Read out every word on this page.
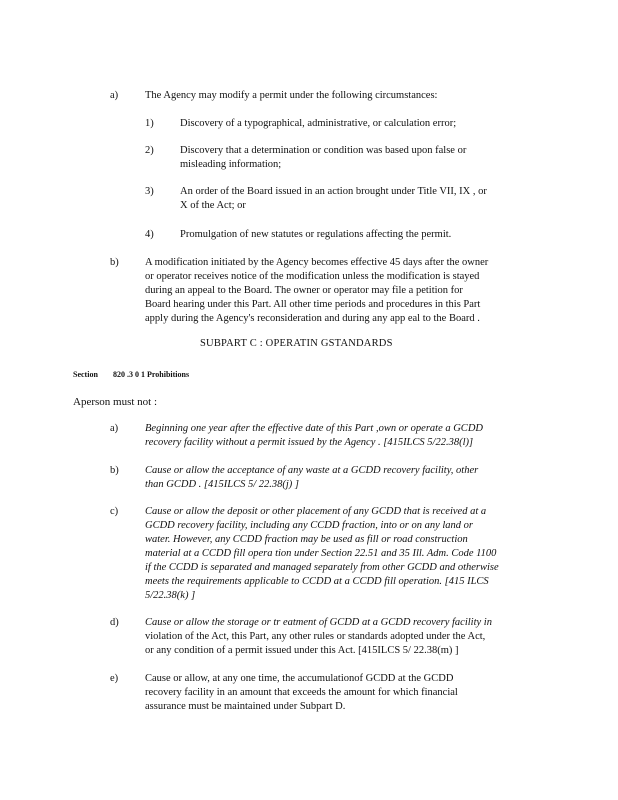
a)	The Agency may modify a permit under the following circumstances:
1)	Discovery of a typographical, administrative, or calculation error;
2)	Discovery that a determination or condition was based upon false or
misleading information;
3)	An order of the Board issued in an action brought under Title VII, IX , or
X of the Act; or
4)	Promulgation of new statutes or regulations affecting the permit.
b)	A modification initiated by the Agency becomes effective 45 days after the owner
or operator receives notice of the modification unless the modification is stayed
during an appeal to the Board. The owner or operator may file a petition for
Board hearing under this Part. All other time periods and procedures in this Part
apply during the Agency's reconsideration and during any app eal to the Board .
SUBPART C : OPERATIN GSTANDARDS
Section 820 .3 0 1 Prohibitions
Aperson must not :
a)	Beginning one year after the effective date of this Part ,own or operate a GCDD
recovery facility without a permit issued by the Agency . [415ILCS 5/22.38(l)]
b)	Cause or allow the acceptance of any waste at a GCDD recovery facility, other
than GCDD . [415ILCS 5/ 22.38(j) ]
c)	Cause or allow the deposit or other placement of any GCDD that is received at a
GCDD recovery facility, including any CCDD fraction, into or on any land or
water. However, any CCDD fraction may be used as fill or road construction
material at a CCDD fill opera tion under Section 22.51 and 35 Ill. Adm. Code 1100
if the CCDD is separated and managed separately from other GCDD and otherwise
meets the requirements applicable to CCDD at a CCDD fill operation. [415 ILCS
5/22.38(k) ]
d)	Cause or allow the storage or tr eatment of GCDD at a GCDD recovery facility in
violation of the Act, this Part, any other rules or standards adopted under the Act,
or any condition of a permit issued under this Act. [415ILCS 5/ 22.38(m) ]
e)	Cause or allow, at any one time, the accumulationof GCDD at the GCDD
recovery facility in an amount that exceeds the amount for which financial
assurance must be maintained under Subpart D.
